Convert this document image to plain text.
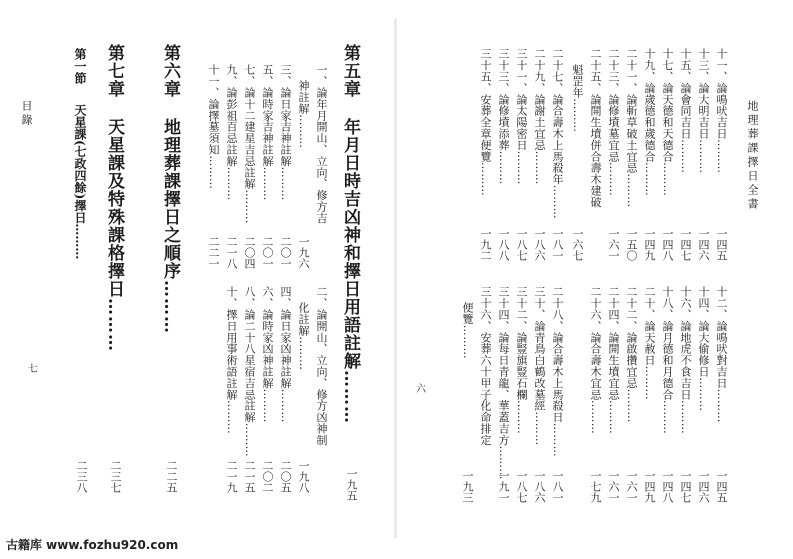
地理葬課擇日全書
十一、論鳴吠吉日………
十三、論大明吉日………
十五、論會同吉日………
十七、論天德和天德合………
十九、論歲德和歲德合………
二十一、論斬草破土宜忌………
二十三、論修墳墓宜忌………
二十五、論開生墳併合壽木建破
魁罡年………
二十七、論合壽木上馬殺年………
二十九、論謝土宜忌………
三十一、論太陽密日………
三十三、論修墳添葬………
三十五、安葬全章便覽………
一四五
一四六
一四七
一四八
一四九
一五〇
一六一
一六七
一八一
一八六
一八七
一八八
一九二
十二、論鳴吠對吉日………
十四、論大偷修日………
十六、論地虎不食吉日………
十八、論月德和月德合………
二十、論天赦日………
二十二、論啟攢宜忌………
二十四、論開生墳宜忌………
二十六、論合壽木宜忌………
二十八、論合壽木上馬殺日………
三十、論青鳥白鶴改墓經………
三十二、論豎旗豎石欄………
三十四、論每日青龍、華蓋吉方………
三十六、安葬六十甲子化命排定
便覽………
一四五
一四六
一四七
一四八
一四九
一六一
一六一
一七九
一八一
一八六
一八七
一九一
一九三
六
目錄
第五章
年月日時吉凶神和擇日用語註解………
一九五
一、論年月開山、立向、修方吉
神註解………
三、論日家吉神註解………
五、論時家吉神註解………
七、論十二建星吉忌註解………
九、論彭祖百忌註解………
十一、論擇墓須知………
一九六
二〇一
二〇一
二〇四
二一八
二二一
二、論開山、立向、修方凶神制
化註解………
四、論日家凶神註解………
六、論時家凶神註解………
八、論二十八星宿吉忌註解………
十、擇日用事術語註解………
一九八
二〇五
二〇二
二一五
二一九
第六章
地理葬課擇日之順序………
二二五
第七章
天星課及特殊課格擇日………
二三七
第一節
天星課(七政四餘)擇日………
二三八
七
古籍库 www.fozhu920.com
